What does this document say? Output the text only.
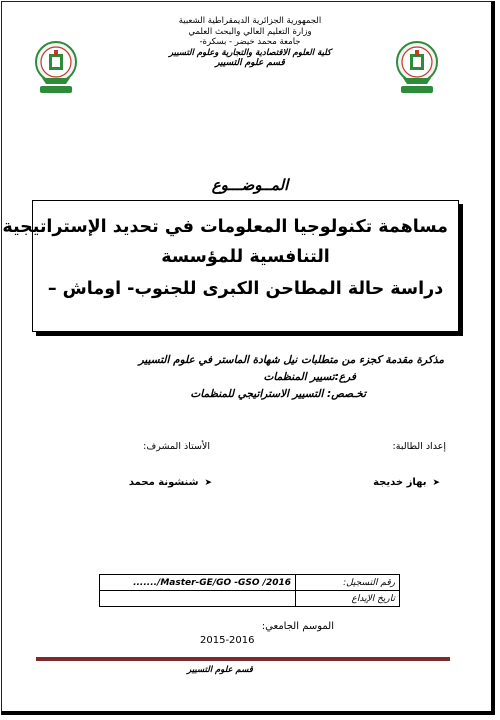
الجمهورية الجزائرية الديمقراطية الشعبية
وزارة التعليم العالي والبحث العلمي
جامعة محمد خيضر - بسكرة-
كلية العلوم الاقتصادية والتجارية وعلوم التسيير
قسم علوم التسيير
المــوضـــوع
مساهمة تكنولوجيا المعلومات في تحديد الإستراتيجية
التنافسية للمؤسسة
دراسة حالة المطاحن الكبرى للجنوب- اوماش –
مذكرة مقدمة كجزء من متطلبات نيل شهادة الماستر في علوم التسيير
فرع:تسيير المنظمات
تخـصص: التسيير الاستراتيجي للمنظمات
إعداد الطالبة:
الأستاذ المشرف:
➤بهاز خديجة
➤شنشونة محمد
......./Master-GE/GO -GSO /2016	رقم التسجيل:
	تاريخ الإيداع
الموسم الجامعي:
2015-2016
قسم علوم التسيير
